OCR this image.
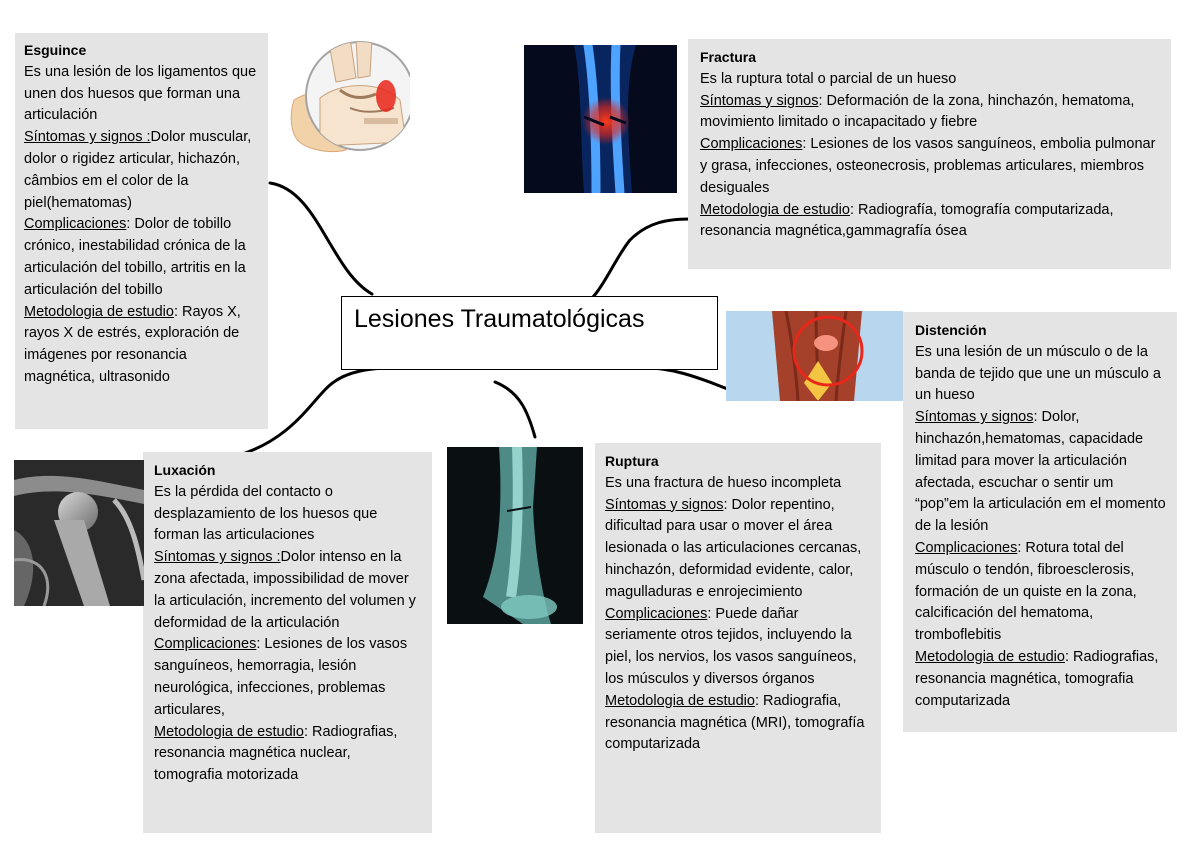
Lesiones Traumatológicas

Esguince

Es una lesión de los ligamentos que unen dos huesos que forman una articulación

Síntomas y signos :Dolor muscular, dolor o rigidez articular, hichazón, câmbios em el color de la piel(hematomas)

Complicaciones: Dolor de tobillo crónico, inestabilidad crónica de la articulación del tobillo, artritis en la articulación del tobillo

Metodologia de estudio: Rayos X, rayos X de estrés, exploración de imágenes por resonancia magnética, ultrasonido

Fractura

Es la ruptura total o parcial de un hueso

Síntomas y signos: Deformación de la zona, hinchazón, hematoma, movimiento limitado o incapacitado y fiebre

Complicaciones: Lesiones de los vasos sanguíneos, embolia pulmonar y grasa, infecciones, osteonecrosis, problemas articulares, miembros desiguales

Metodologia de estudio: Radiografía, tomografía computarizada, resonancia magnética,gammagrafía ósea

Distención

Es una lesión de un músculo o de la banda de tejido que une un músculo a un hueso

Síntomas y signos: Dolor, hinchazón,hematomas, capacidade limitad para mover la articulación afectada, escuchar o sentir um “pop”em la articulación em el momento de la lesión

Complicaciones: Rotura total del músculo o tendón, fibroesclerosis, formación de un quiste en la zona, calcificación del hematoma, tromboflebitis

Metodologia de estudio: Radiografias, resonancia magnética, tomografia computarizada

Luxación

Es la pérdida del contacto o desplazamiento de los huesos que forman las articulaciones

Síntomas y signos :Dolor intenso en la zona afectada, impossibilidad de mover la articulación, incremento del volumen y deformidad de la articulación

Complicaciones: Lesiones de los vasos sanguíneos, hemorragia, lesión neurológica, infecciones, problemas articulares,

Metodologia de estudio: Radiografias, resonancia magnética nuclear, tomografia motorizada

Ruptura

Es una fractura de hueso incompleta

Síntomas y signos: Dolor repentino, dificultad para usar o mover el área lesionada o las articulaciones cercanas, hinchazón, deformidad evidente, calor, magulladuras e enrojecimiento

Complicaciones: Puede dañar seriamente otros tejidos, incluyendo la piel, los nervios, los vasos sanguíneos, los músculos y diversos órganos

Metodologia de estudio: Radiografia, resonancia magnética (MRI), tomografía computarizada
